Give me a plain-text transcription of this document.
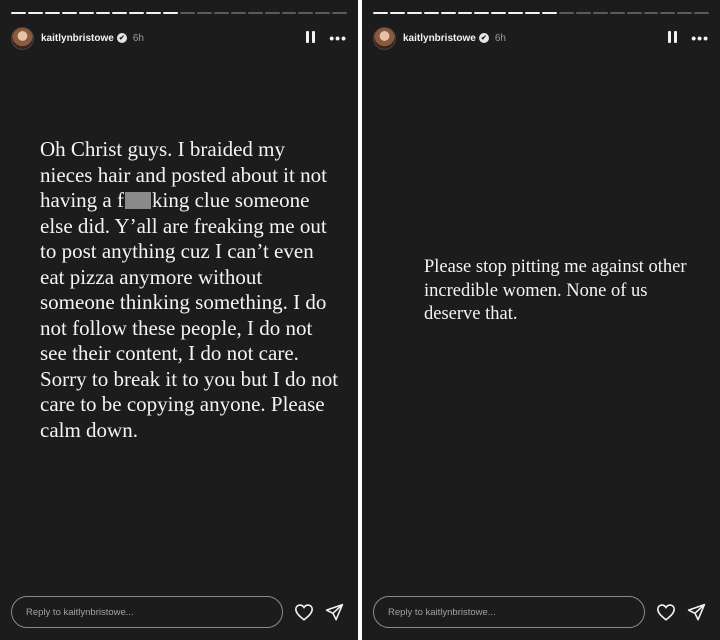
kaitlynbristowe ✔ 6h	•••
Oh Christ guys. I braided my nieces hair and posted about it not having a f king clue someone else did. Y’all are freaking me out to post anything cuz I can’t even eat pizza anymore without someone thinking something. I do not follow these people, I do not see their content, I do not care. Sorry to break it to you but I do not care to be copying anyone. Please calm down.
Reply to kaitlynbristowe...
kaitlynbristowe ✔ 6h	•••
Please stop pitting me against other incredible women. None of us deserve that.
Reply to kaitlynbristowe...
